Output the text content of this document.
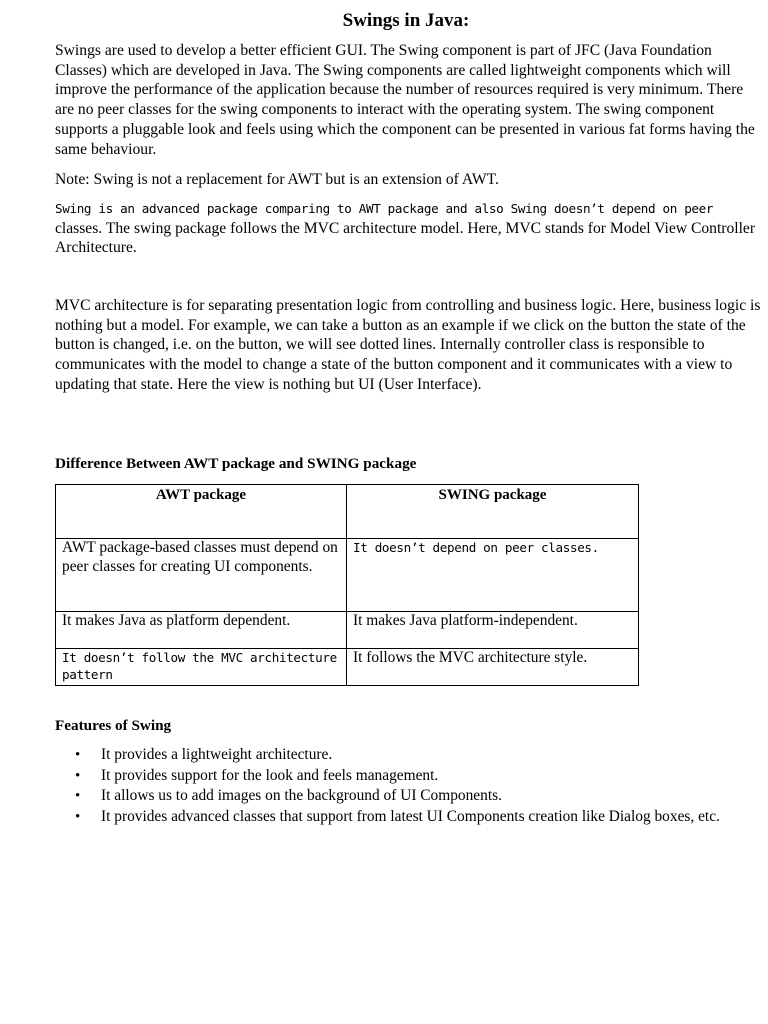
Swings in Java:

Swings are used to develop a better efficient GUI. The Swing component is part of JFC (Java Foundation Classes) which are developed in Java. The Swing components are called lightweight components which will improve the performance of the application because the number of resources required is very minimum. There are no peer classes for the swing components to interact with the operating system. The swing component supports a pluggable look and feels using which the component can be presented in various fat forms having the same behaviour.

Note: Swing is not a replacement for AWT but is an extension of AWT.

Swing is an advanced package comparing to AWT package and also Swing doesn’t depend on peer classes. The swing package follows the MVC architecture model. Here, MVC stands for Model View Controller Architecture.

MVC architecture is for separating presentation logic from controlling and business logic. Here, business logic is nothing but a model. For example, we can take a button as an example if we click on the button the state of the button is changed, i.e. on the button, we will see dotted lines. Internally controller class is responsible to communicates with the model to change a state of the button component and it communicates with a view to updating that state. Here the view is nothing but UI (User Interface).

Difference Between AWT package and SWING package

AWT package	SWING package
AWT package-based classes must depend on peer classes for creating UI components.	It doesn’t depend on peer classes.
It makes Java as platform dependent.	It makes Java platform-independent.
It doesn’t follow the MVC architecture pattern	It follows the MVC architecture style.

Features of Swing

• It provides a lightweight architecture.
• It provides support for the look and feels management.
• It allows us to add images on the background of UI Components.
• It provides advanced classes that support from latest UI Components creation like Dialog boxes, etc.
